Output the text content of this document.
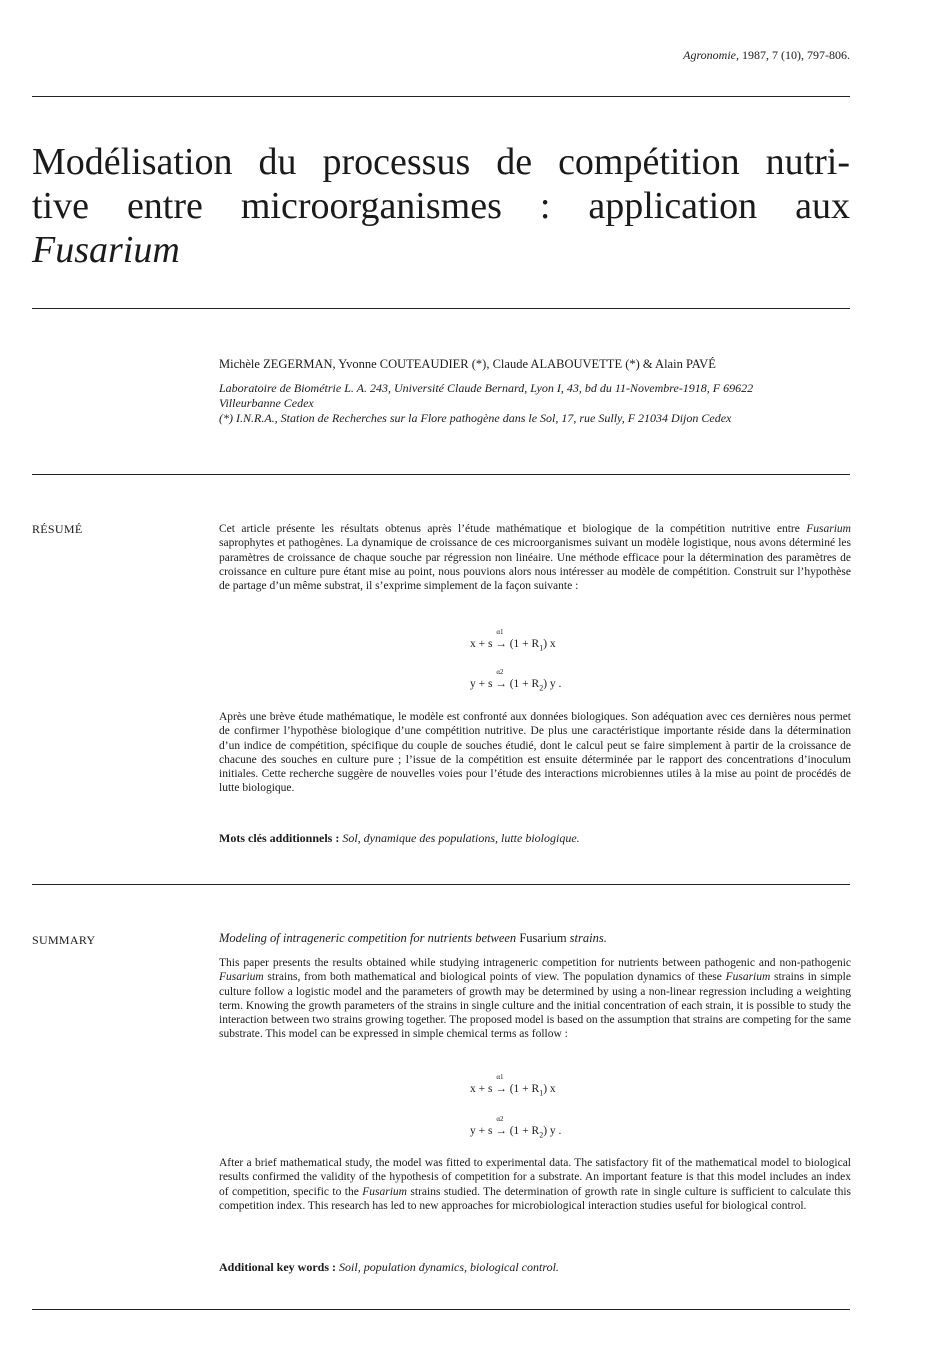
Agronomie, 1987, 7 (10), 797-806.
Modélisation du processus de compétition nutri-
tive entre microorganismes : application aux
Fusarium
Michèle ZEGERMAN, Yvonne COUTEAUDIER (*), Claude ALABOUVETTE (*) & Alain PAVÉ
Laboratoire de Biométrie L. A. 243, Université Claude Bernard, Lyon I, 43, bd du 11-Novembre-1918, F 69622
Villeurbanne Cedex
(*) I.N.R.A., Station de Recherches sur la Flore pathogène dans le Sol, 17, rue Sully, F 21034 Dijon Cedex
RÉSUMÉ	Cet article présente les résultats obtenus après l’étude mathématique et biologique de la compétition nutritive entre Fusarium saprophytes et pathogènes. La dynamique de croissance de ces microorganismes suivant un modèle logistique, nous avons déterminé les paramètres de croissance de chaque souche par régression non linéaire. Une méthode efficace pour la détermination des paramètres de croissance en culture pure étant mise au point, nous pouvions alors nous intéresser au modèle de compétition. Construit sur l’hypothèse de partage d’un même substrat, il s’exprime simplement de la façon suivante :

x + s
α1
→ $(1 + R_1)$ x
y + s
α2
→ $(1 + R_2)$ y .
Après une brève étude mathématique, le modèle est confronté aux données biologiques. Son adéquation avec ces dernières nous permet de confirmer l’hypothèse biologique d’une compétition nutritive. De plus une caractéristique importante réside dans la détermination d’un indice de compétition, spécifique du couple de souches étudié, dont le calcul peut se faire simplement à partir de la croissance de chacune des souches en culture pure ; l’issue de la compétition est ensuite déterminée par le rapport des concentrations d’inoculum initiales. Cette recherche suggère de nouvelles voies pour l’étude des interactions microbiennes utiles à la mise au point de procédés de lutte biologique.
Mots clés additionnels : Sol, dynamique des populations, lutte biologique.
SUMMARY	Modeling of intrageneric competition for nutrients between Fusarium strains.

This paper presents the results obtained while studying intrageneric competition for nutrients between pathogenic and non-pathogenic Fusarium strains, from both mathematical and biological points of view. The population dynamics of these Fusarium strains in simple culture follow a logistic model and the parameters of growth may be determined by using a non-linear regression including a weighting term. Knowing the growth parameters of the strains in single culture and the initial concentration of each strain, it is possible to study the interaction between two strains growing together. The proposed model is based on the assumption that strains are competing for the same substrate. This model can be expressed in simple chemical terms as follow :

x + s
α1
→ $(1 + R_1)$ x
y + s
α2
→ $(1 + R_2)$ y .

After a brief mathematical study, the model was fitted to experimental data. The satisfactory fit of the mathematical model to biological results confirmed the validity of the hypothesis of competition for a substrate. An important feature is that this model includes an index of competition, specific to the Fusarium strains studied. The determination of growth rate in single culture is sufficient to calculate this competition index. This research has led to new approaches for microbiological interaction studies useful for biological control.

Additional key words : Soil, population dynamics, biological control.
